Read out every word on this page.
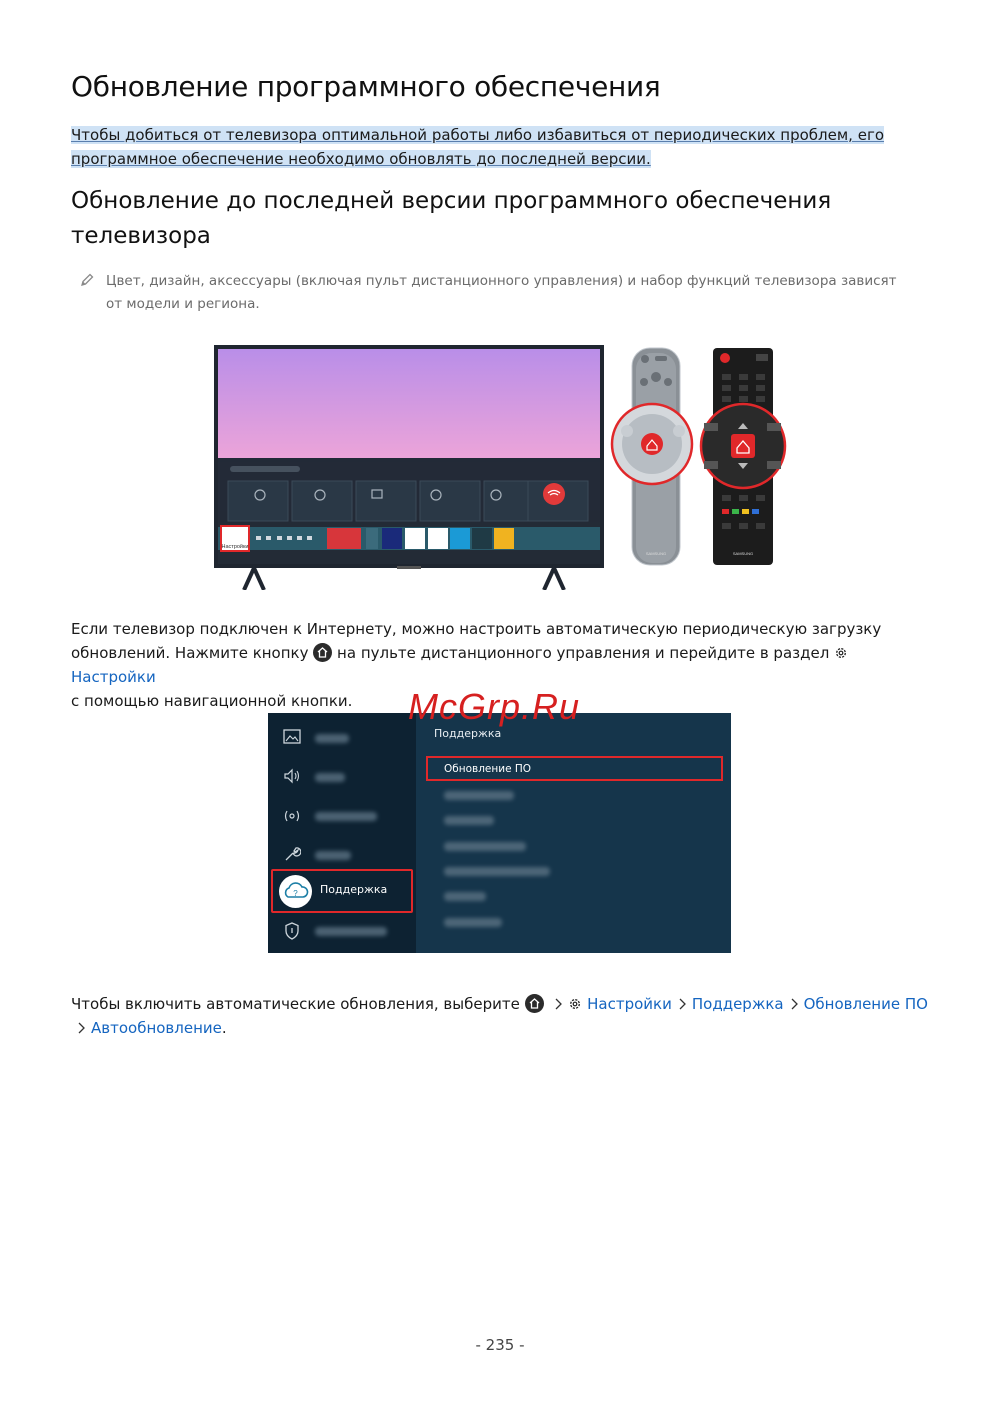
Обновление программного обеспечения
Чтобы добиться от телевизора оптимальной работы либо избавиться от периодических проблем, его
программное обеспечение необходимо обновлять до последней версии.
Обновление до последней версии программного обеспечения телевизора
Цвет, дизайн, аксессуары (включая пульт дистанционного управления) и набор функций телевизора зависят от модели и региона.
Настройки
SAMSUNG	SAMSUNG
Если телевизор подключен к Интернету, можно настроить автоматическую периодическую загрузку обновлений. Нажмите кнопку на пульте дистанционного управления и перейдите в раздел  Настройки
с помощью навигационной кнопки.
? Поддержка
Поддержка
Обновление ПО
McGrp.Ru
Чтобы включить автоматические обновления, выберите	Настройки Поддержка Обновление ПО
Автообновление.
- 235 -
